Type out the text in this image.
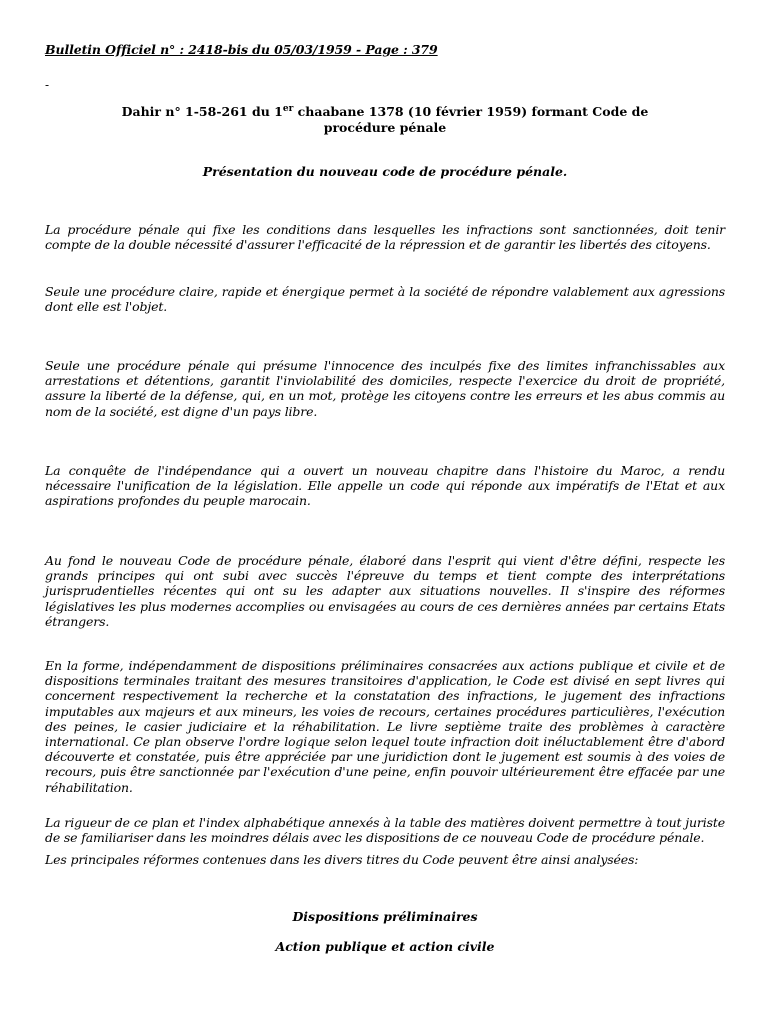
Bulletin Officiel n° : 2418-bis du 05/03/1959 - Page : 379
-
Dahir n° 1-58-261 du 1er chaabane 1378 (10 février 1959) formant Code de
procédure pénale
Présentation du nouveau code de procédure pénale.
La procédure pénale qui fixe les conditions dans lesquelles les infractions sont sanctionnées, doit tenir compte de la double nécessité d'assurer l'efficacité de la répression et de garantir les libertés des citoyens.
Seule une procédure claire, rapide et énergique permet à la société de répondre valablement aux agressions dont elle est l'objet.
Seule une procédure pénale qui présume l'innocence des inculpés fixe des limites infranchissables aux arrestations et détentions, garantit l'inviolabilité des domiciles, respecte l'exercice du droit de propriété, assure la liberté de la défense, qui, en un mot, protège les citoyens contre les erreurs et les abus commis au nom de la société, est digne d'un pays libre.
La conquête de l'indépendance qui a ouvert un nouveau chapitre dans l'histoire du Maroc, a rendu nécessaire l'unification de la législation. Elle appelle un code qui réponde aux impératifs de l'Etat et aux aspirations profondes du peuple marocain.
Au fond le nouveau Code de procédure pénale, élaboré dans l'esprit qui vient d'être défini, respecte les grands principes qui ont subi avec succès l'épreuve du temps et tient compte des interprétations jurisprudentielles récentes qui ont su les adapter aux situations nouvelles. Il s'inspire des réformes législatives les plus modernes accomplies ou envisagées au cours de ces dernières années par certains Etats étrangers.
En la forme, indépendamment de dispositions préliminaires consacrées aux actions publique et civile et de dispositions terminales traitant des mesures transitoires d'application, le Code est divisé en sept livres qui concernent respectivement la recherche et la constatation des infractions, le jugement des infractions imputables aux majeurs et aux mineurs, les voies de recours, certaines procédures particulières, l'exécution des peines, le casier judiciaire et la réhabilitation. Le livre septième traite des problèmes à caractère international. Ce plan observe l'ordre logique selon lequel toute infraction doit inéluctablement être d'abord découverte et constatée, puis être appréciée par une juridiction dont le jugement est soumis à des voies de recours, puis être sanctionnée par l'exécution d'une peine, enfin pouvoir ultérieurement être effacée par une réhabilitation.
La rigueur de ce plan et l'index alphabétique annexés à la table des matières doivent permettre à tout juriste de se familiariser dans les moindres délais avec les dispositions de ce nouveau Code de procédure pénale.
Les principales réformes contenues dans les divers titres du Code peuvent être ainsi analysées:
Dispositions préliminaires
Action publique et action civile
